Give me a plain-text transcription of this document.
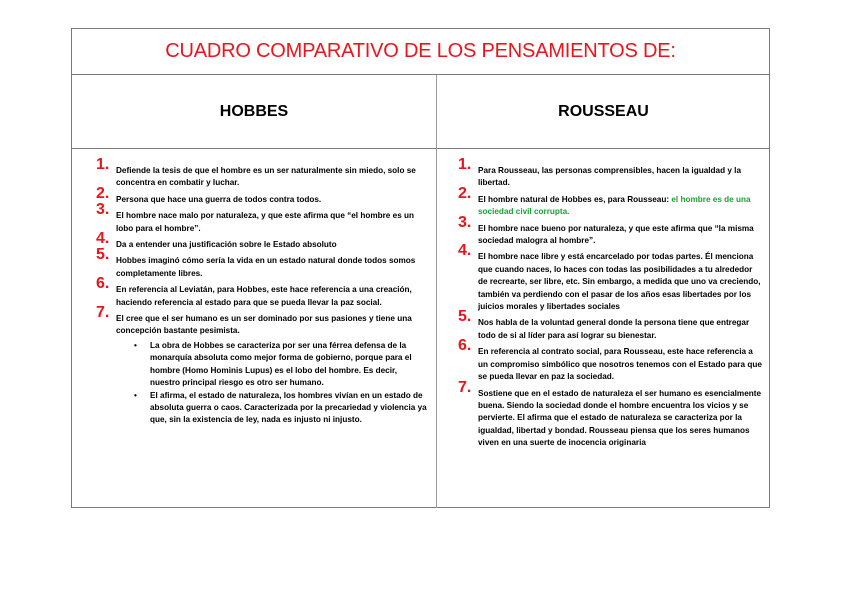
CUADRO COMPARATIVO DE LOS PENSAMIENTOS DE:
HOBBES	ROUSSEAU
1. Defiende la tesis de que el hombre es un ser naturalmente sin miedo, solo se concentra en combatir y luchar.
2. Persona que hace una guerra de todos contra todos.
3. El hombre nace malo por naturaleza, y que este afirma que “el hombre es un lobo para el hombre”.
4. Da a entender una justificación sobre le Estado absoluto
5. Hobbes imaginó cómo sería la vida en un estado natural donde todos somos completamente libres.
6. En referencia al Leviatán, para Hobbes, este hace referencia a una creación, haciendo referencia al estado para que se pueda llevar la paz social.
7. El cree que el ser humano es un ser dominado por sus pasiones y tiene una concepción bastante pesimista.
• La obra de Hobbes se caracteriza por ser una férrea defensa de la monarquía absoluta como mejor forma de gobierno, porque para el hombre (Homo Hominis Lupus) es el lobo del hombre. Es decir, nuestro principal riesgo es otro ser humano.
• El afirma, el estado de naturaleza, los hombres vivían en un estado de absoluta guerra o caos. Caracterizada por la precariedad y violencia ya que, sin la existencia de ley, nada es injusto ni injusto.
1. Para Rousseau, las personas comprensibles, hacen la igualdad y la libertad.
2. El hombre natural de Hobbes es, para Rousseau: el hombre es de una sociedad civil corrupta.
3. El hombre nace bueno por naturaleza, y que este afirma que “la misma sociedad malogra al hombre”.
4. El hombre nace libre y está encarcelado por todas partes. Él menciona que cuando naces, lo haces con todas las posibilidades a tu alrededor de recrearte, ser libre, etc. Sin embargo, a medida que uno va creciendo, también va perdiendo con el pasar de los años esas libertades por los juicios morales y libertades sociales
5. Nos habla de la voluntad general donde la persona tiene que entregar todo de si al líder para así lograr su bienestar.
6. En referencia al contrato social, para Rousseau, este hace referencia a un compromiso simbólico que nosotros tenemos con el Estado para que se pueda llevar en paz la sociedad.
7. Sostiene que en el estado de naturaleza el ser humano es esencialmente buena. Siendo la sociedad donde el hombre encuentra los vicios y se pervierte. El afirma que el estado de naturaleza se caracteriza por la igualdad, libertad y bondad. Rousseau piensa que los seres humanos viven en una suerte de inocencia originaria
